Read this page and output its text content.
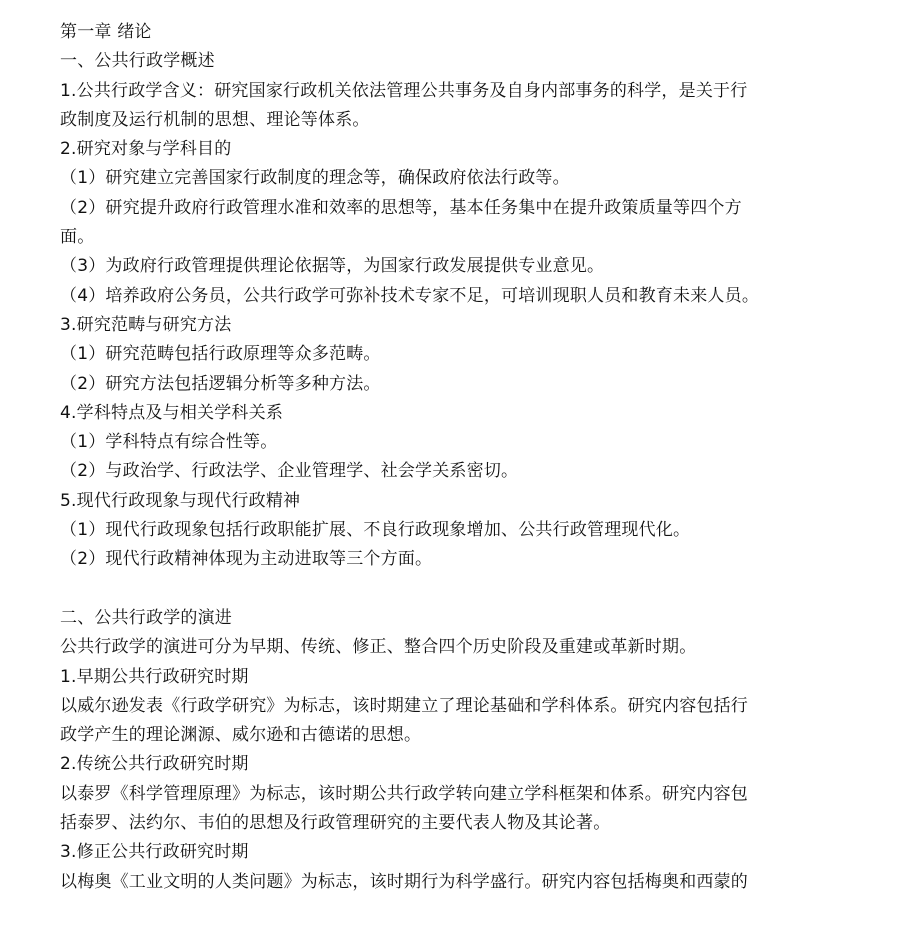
第一章 绪论
一、公共行政学概述
1.公共行政学含义：研究国家行政机关依法管理公共事务及自身内部事务的科学，是关于行
政制度及运行机制的思想、理论等体系。
2.研究对象与学科目的
（1）研究建立完善国家行政制度的理念等，确保政府依法行政等。
（2）研究提升政府行政管理水准和效率的思想等，基本任务集中在提升政策质量等四个方
面。
（3）为政府行政管理提供理论依据等，为国家行政发展提供专业意见。
（4）培养政府公务员，公共行政学可弥补技术专家不足，可培训现职人员和教育未来人员。
3.研究范畴与研究方法
（1）研究范畴包括行政原理等众多范畴。
（2）研究方法包括逻辑分析等多种方法。
4.学科特点及与相关学科关系
（1）学科特点有综合性等。
（2）与政治学、行政法学、企业管理学、社会学关系密切。
5.现代行政现象与现代行政精神
（1）现代行政现象包括行政职能扩展、不良行政现象增加、公共行政管理现代化。
（2）现代行政精神体现为主动进取等三个方面。
二、公共行政学的演进
公共行政学的演进可分为早期、传统、修正、整合四个历史阶段及重建或革新时期。
1.早期公共行政研究时期
以威尔逊发表《行政学研究》为标志，该时期建立了理论基础和学科体系。研究内容包括行
政学产生的理论渊源、威尔逊和古德诺的思想。
2.传统公共行政研究时期
以泰罗《科学管理原理》为标志，该时期公共行政学转向建立学科框架和体系。研究内容包
括泰罗、法约尔、韦伯的思想及行政管理研究的主要代表人物及其论著。
3.修正公共行政研究时期
以梅奥《工业文明的人类问题》为标志，该时期行为科学盛行。研究内容包括梅奥和西蒙的
